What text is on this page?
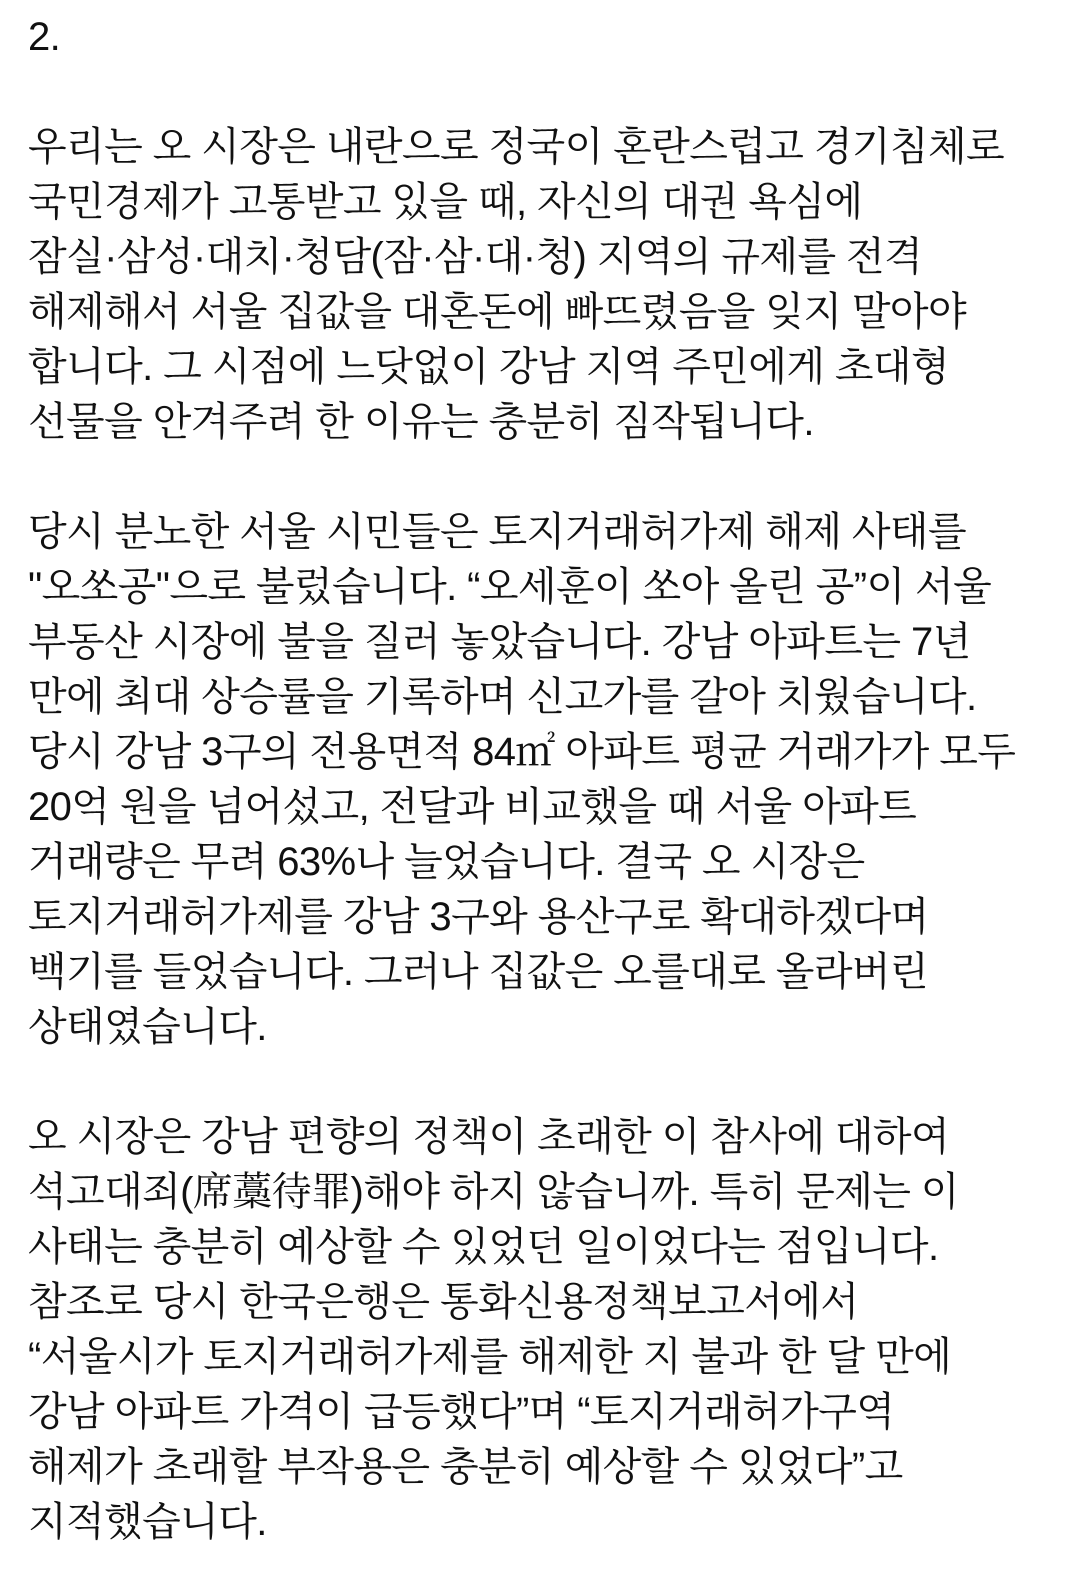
2.
우리는 오 시장은 내란으로 정국이 혼란스럽고 경기침체로
국민경제가 고통받고 있을 때, 자신의 대권 욕심에
잠실·삼성·대치·청담(잠·삼·대·청) 지역의 규제를 전격
해제해서 서울 집값을 대혼돈에 빠뜨렸음을 잊지 말아야
합니다. 그 시점에 느닷없이 강남 지역 주민에게 초대형
선물을 안겨주려 한 이유는 충분히 짐작됩니다.
당시 분노한 서울 시민들은 토지거래허가제 해제 사태를
"오쏘공"으로 불렀습니다. “오세훈이 쏘아 올린 공”이 서울
부동산 시장에 불을 질러 놓았습니다. 강남 아파트는 7년
만에 최대 상승률을 기록하며 신고가를 갈아 치웠습니다.
당시 강남 3구의 전용면적 84㎡ 아파트 평균 거래가가 모두
20억 원을 넘어섰고, 전달과 비교했을 때 서울 아파트
거래량은 무려 63%나 늘었습니다. 결국 오 시장은
토지거래허가제를 강남 3구와 용산구로 확대하겠다며
백기를 들었습니다. 그러나 집값은 오를대로 올라버린
상태였습니다.
오 시장은 강남 편향의 정책이 초래한 이 참사에 대하여
석고대죄(席藁待罪)해야 하지 않습니까. 특히 문제는 이
사태는 충분히 예상할 수 있었던 일이었다는 점입니다.
참조로 당시 한국은행은 통화신용정책보고서에서
“서울시가 토지거래허가제를 해제한 지 불과 한 달 만에
강남 아파트 가격이 급등했다”며 “토지거래허가구역
해제가 초래할 부작용은 충분히 예상할 수 있었다”고
지적했습니다.
